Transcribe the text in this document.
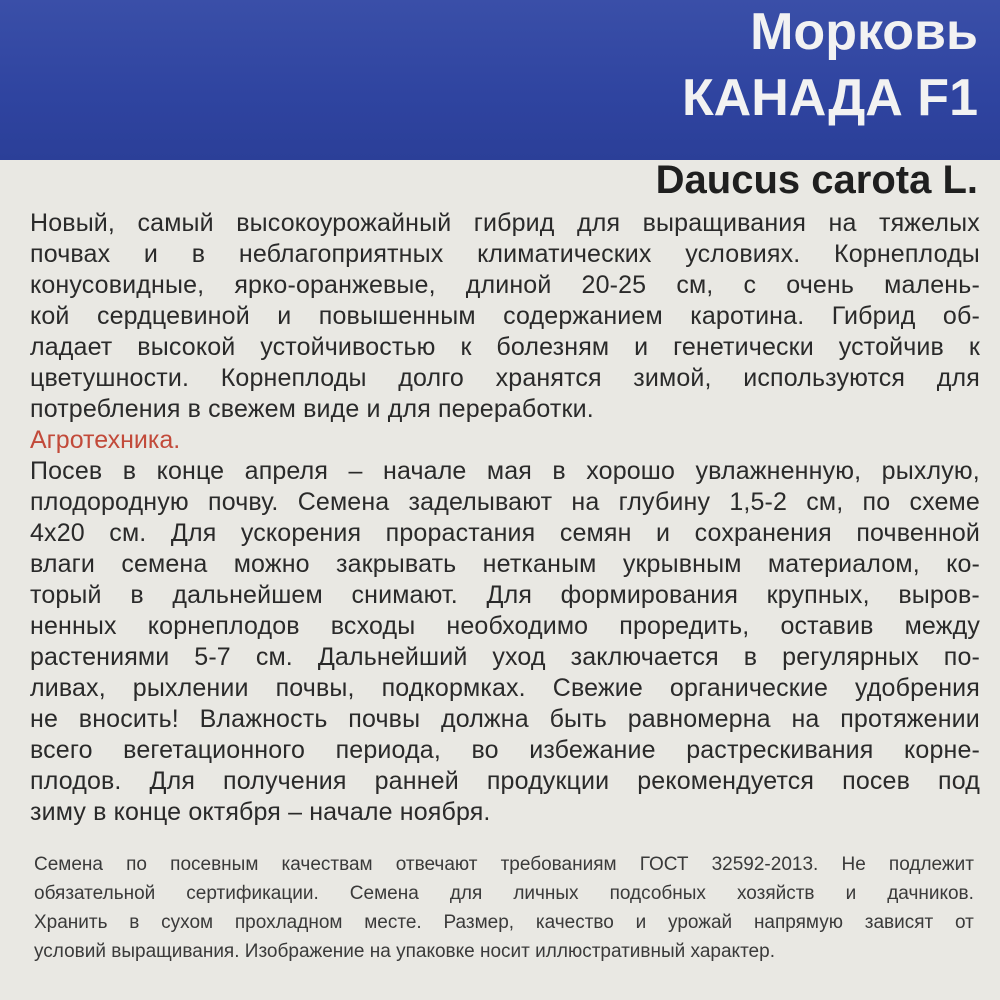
Морковь
КАНАДА F1
Daucus carota L.
Новый, самый высокоурожайный гибрид для выращивания на тяжелых
почвах и в неблагоприятных климатических условиях. Корнеплоды
конусовидные, ярко-оранжевые, длиной 20-25 см, с очень малень-
кой сердцевиной и повышенным содержанием каротина. Гибрид об-
ладает высокой устойчивостью к болезням и генетически устойчив к
цветушности. Корнеплоды долго хранятся зимой, используются для
потребления в свежем виде и для переработки.
Агротехника.
Посев в конце апреля – начале мая в хорошо увлажненную, рыхлую,
плодородную почву. Семена заделывают на глубину 1,5-2 см, по схеме
4х20 см. Для ускорения прорастания семян и сохранения почвенной
влаги семена можно закрывать нетканым укрывным материалом, ко-
торый в дальнейшем снимают. Для формирования крупных, выров-
ненных корнеплодов всходы необходимо проредить, оставив между
растениями 5-7 см. Дальнейший уход заключается в регулярных по-
ливах, рыхлении почвы, подкормках. Свежие органические удобрения
не вносить! Влажность почвы должна быть равномерна на протяжении
всего вегетационного периода, во избежание растрескивания корне-
плодов. Для получения ранней продукции рекомендуется посев под
зиму в конце октября – начале ноября.
Семена по посевным качествам отвечают требованиям ГОСТ 32592-2013. Не подлежит
обязательной сертификации. Семена для личных подсобных хозяйств и дачников.
Хранить в сухом прохладном месте. Размер, качество и урожай напрямую зависят от
условий выращивания. Изображение на упаковке носит иллюстративный характер.
